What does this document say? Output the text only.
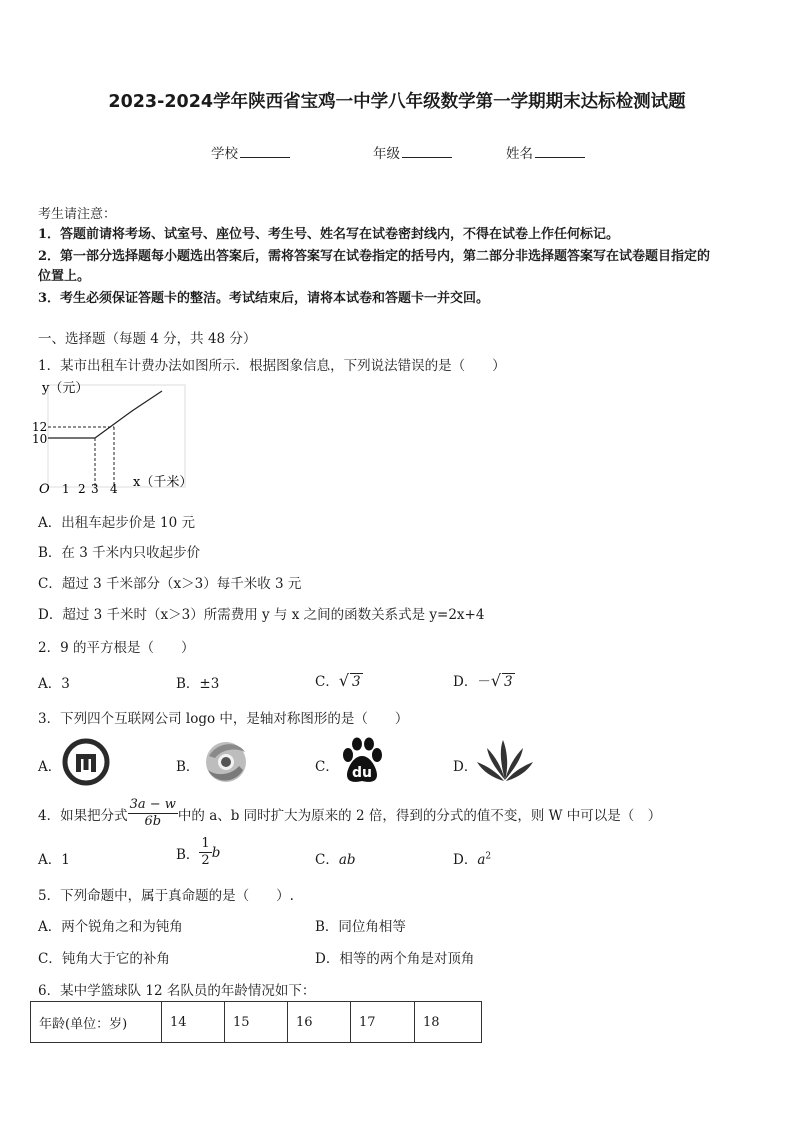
2023-2024学年陕西省宝鸡一中学八年级数学第一学期期末达标检测试题
学校	年级	姓名
考生请注意：
1．答题前请将考场、试室号、座位号、考生号、姓名写在试卷密封线内，不得在试卷上作任何标记。
2．第一部分选择题每小题选出答案后，需将答案写在试卷指定的括号内，第二部分非选择题答案写在试卷题目指定的
位置上。
3．考生必须保证答题卡的整洁。考试结束后，请将本试卷和答题卡一并交回。
一、选择题（每题 4 分，共 48 分）
1．某市出租车计费办法如图所示．根据图象信息，下列说法错误的是（　　）
y（元）
12
10
O 1 2 3 4 x（千米）
A．出租车起步价是 10 元
B．在 3 千米内只收起步价
C．超过 3 千米部分（x＞3）每千米收 3 元
D．超过 3 千米时（x＞3）所需费用 y 与 x 之间的函数关系式是 y=2x+4
2．9 的平方根是（　　）
A．3	B．±3	C．√ 3	D．－√ 3
3．下列四个互联网公司 logo 中，是轴对称图形的是（　　）
A．	B．	C．	D．
du
4．如果把分式 $\frac{3a - w}{6b}$ 中的 a、b 同时扩大为原来的 2 倍，得到的分式的值不变，则 W 中可以是（　）
A．1	B． $\frac{1}{2}$ b	C．ab	D．$a^2$
5．下列命题中，属于真命题的是（　　）.
A．两个锐角之和为钝角	B．同位角相等
C．钝角大于它的补角	D．相等的两个角是对顶角
6．某中学篮球队 12 名队员的年龄情况如下：
年龄(单位：岁)	14	15	16	17	18
